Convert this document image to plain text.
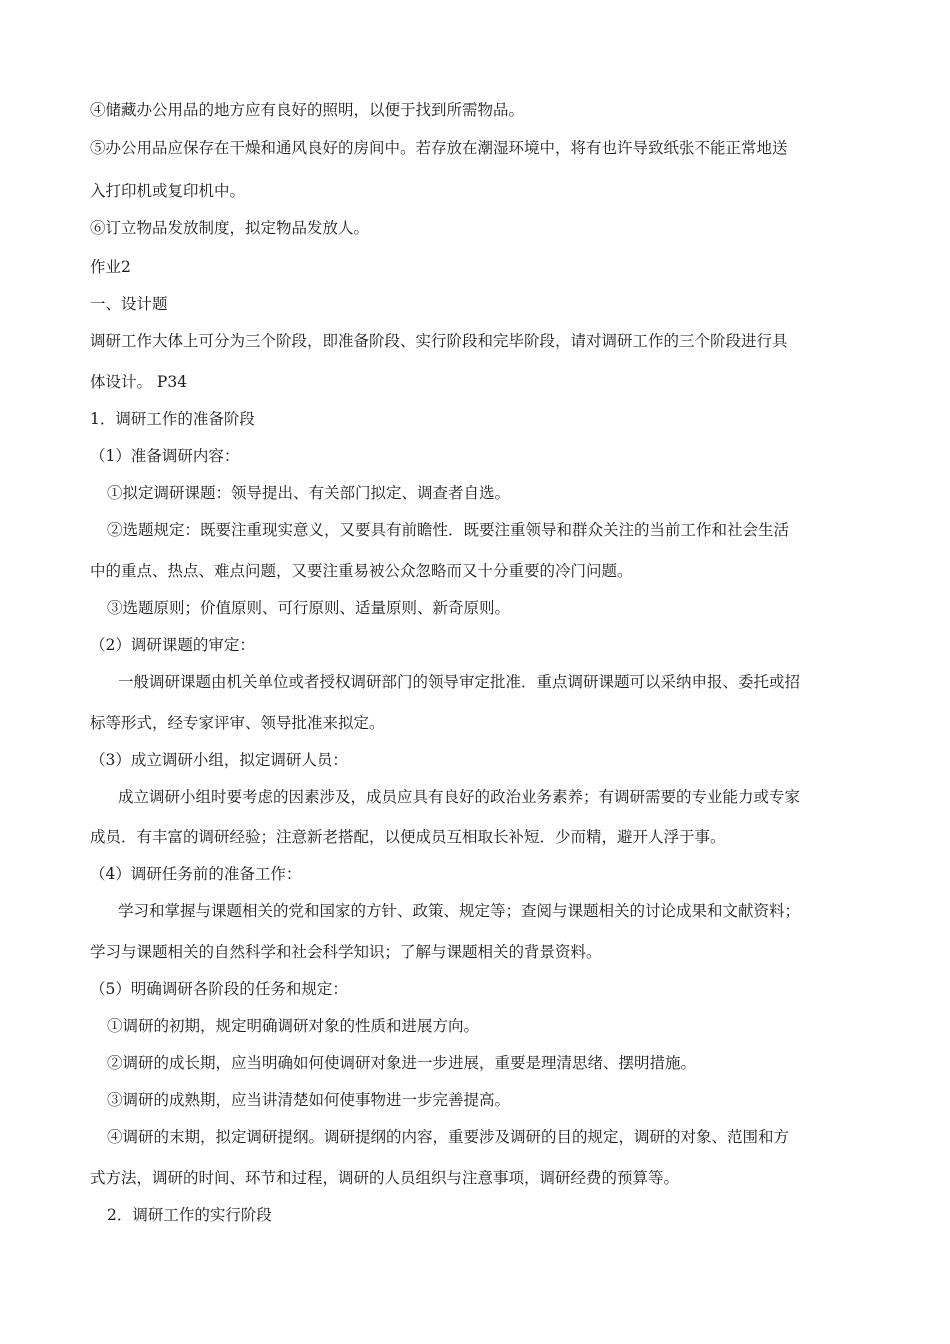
④储藏办公用品的地方应有良好的照明，以便于找到所需物品。
⑤办公用品应保存在干燥和通风良好的房间中。若存放在潮湿环境中，将有也许导致纸张不能正常地送
入打印机或复印机中。
⑥订立物品发放制度，拟定物品发放人。
作业2
一、设计题
调研工作大体上可分为三个阶段，即准备阶段、实行阶段和完毕阶段，请对调研工作的三个阶段进行具
体设计。 P34
1．调研工作的准备阶段
（1）准备调研内容：
①拟定调研课题：领导提出、有关部门拟定、调查者自选。
②选题规定：既要注重现实意义，又要具有前瞻性．既要注重领导和群众关注的当前工作和社会生活
中的重点、热点、难点问题，又要注重易被公众忽略而又十分重要的冷门问题。
③选题原则；价值原则、可行原则、适量原则、新奇原则。
（2）调研课题的审定：
一般调研课题由机关单位或者授权调研部门的领导审定批准．重点调研课题可以采纳申报、委托或招
标等形式，经专家评审、领导批准来拟定。
（3）成立调研小组，拟定调研人员：
成立调研小组时要考虑的因素涉及，成员应具有良好的政治业务素养；有调研需要的专业能力或专家
成员．有丰富的调研经验；注意新老搭配，以便成员互相取长补短．少而精，避开人浮于事。
（4）调研任务前的准备工作：
学习和掌握与课题相关的党和国家的方针、政策、规定等；查阅与课题相关的讨论成果和文献资料；
学习与课题相关的自然科学和社会科学知识；了解与课题相关的背景资料。
（5）明确调研各阶段的任务和规定：
①调研的初期，规定明确调研对象的性质和进展方向。
②调研的成长期，应当明确如何使调研对象进一步进展，重要是理清思绪、摆明措施。
③调研的成熟期，应当讲清楚如何使事物进一步完善提高。
④调研的末期，拟定调研提纲。调研提纲的内容，重要涉及调研的目的规定，调研的对象、范围和方
式方法，调研的时间、环节和过程，调研的人员组织与注意事项，调研经费的预算等。
2．调研工作的实行阶段
